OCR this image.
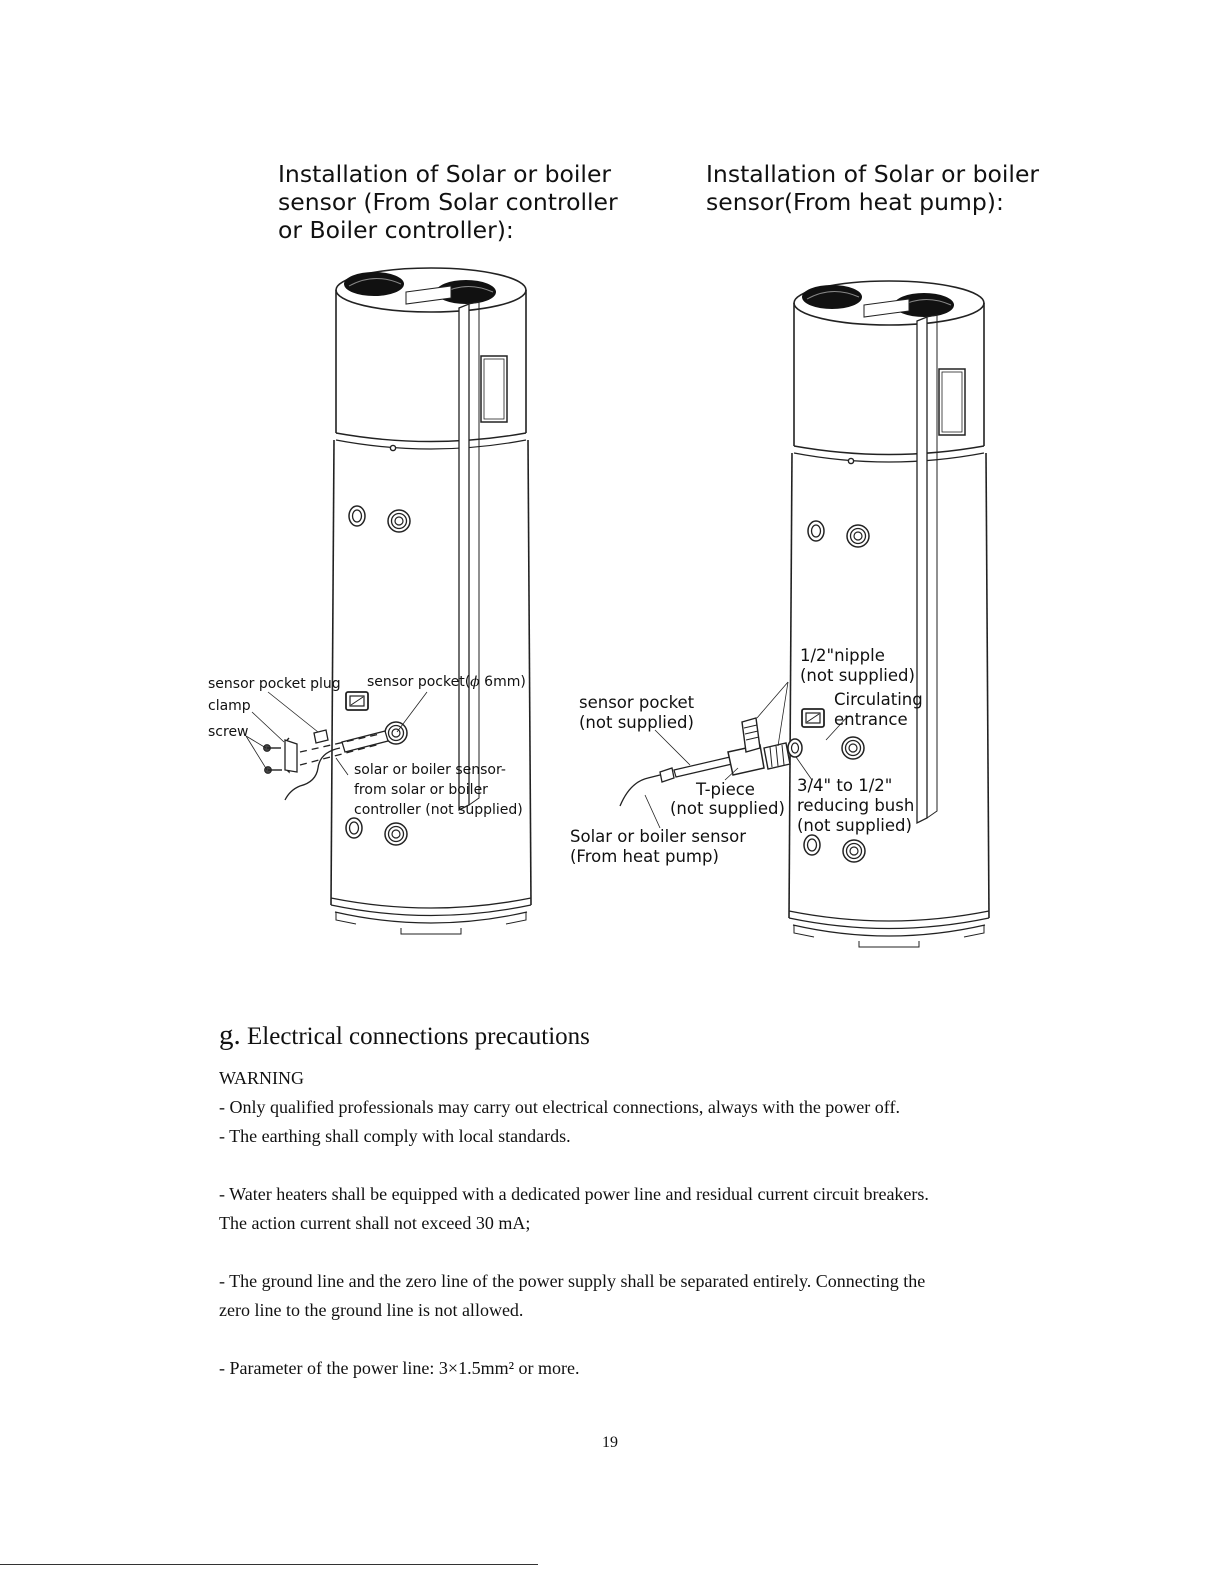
Installation of Solar or boiler
sensor (From Solar controller
or Boiler controller):
Installation of Solar or boiler
sensor(From heat pump):
sensor pocket plug sensor pocket(ϕ 6mm)
clamp
screw
solar or boiler sensor- from solar or boiler controller (not supplied)
1/2"nipple (not supplied)
Circulating entrance
sensor pocket (not supplied)
T-piece (not supplied)
3/4" to 1/2" reducing bush (not supplied)
Solar or boiler sensor (From heat pump)
g. Electrical connections precautions

WARNING

- Only qualified professionals may carry out electrical connections, always with the power off.

- The earthing shall comply with local standards.

- Water heaters shall be equipped with a dedicated power line and residual current circuit breakers.

The action current shall not exceed 30 mA;

- The ground line and the zero line of the power supply shall be separated entirely. Connecting the

zero line to the ground line is not allowed.

- Parameter of the power line: 3×1.5mm² or more.

19
